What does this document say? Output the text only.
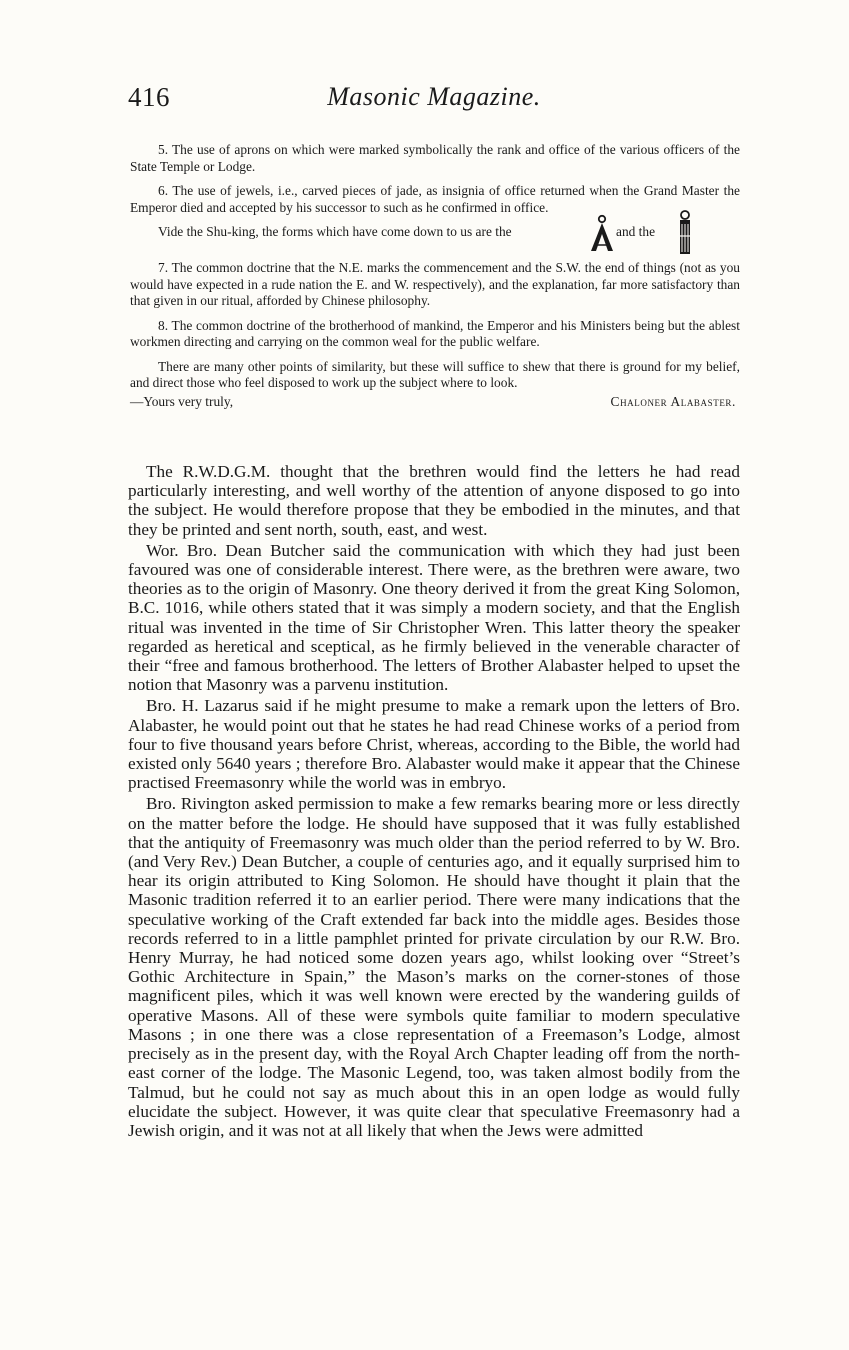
416	Masonic Magazine.

5. The use of aprons on which were marked symbolically the rank and office of the various officers of the State Temple or Lodge.

6. The use of jewels, i.e., carved pieces of jade, as insignia of office returned when the Grand Master the Emperor died and accepted by his successor to such as he confirmed in office.

Vide the Shu-king, the forms which have come down to us are the	and the

7. The common doctrine that the N.E. marks the commencement and the S.W. the end of things (not as you would have expected in a rude nation the E. and W. respectively), and the explanation, far more satisfactory than that given in our ritual, afforded by Chinese philosophy.

8. The common doctrine of the brotherhood of mankind, the Emperor and his Ministers being but the ablest workmen directing and carrying on the common weal for the public welfare.

There are many other points of similarity, but these will suffice to shew that there is ground for my belief, and direct those who feel disposed to work up the subject where to look.

—Yours very truly,	Chaloner Alabaster.

The R.W.D.G.M. thought that the brethren would find the letters he had read particularly interesting, and well worthy of the attention of anyone disposed to go into the subject. He would therefore propose that they be embodied in the minutes, and that they be printed and sent north, south, east, and west.

Wor. Bro. Dean Butcher said the communication with which they had just been favoured was one of considerable interest. There were, as the brethren were aware, two theories as to the origin of Masonry. One theory derived it from the great King Solomon, B.C. 1016, while others stated that it was simply a modern society, and that the English ritual was invented in the time of Sir Christopher Wren. This latter theory the speaker regarded as heretical and sceptical, as he firmly believed in the venerable character of their “free and famous brotherhood. The letters of Brother Alabaster helped to upset the notion that Masonry was a parvenu institution.

Bro. H. Lazarus said if he might presume to make a remark upon the letters of Bro. Alabaster, he would point out that he states he had read Chinese works of a period from four to five thousand years before Christ, whereas, according to the Bible, the world had existed only 5640 years ; therefore Bro. Alabaster would make it appear that the Chinese practised Freemasonry while the world was in embryo.

Bro. Rivington asked permission to make a few remarks bearing more or less directly on the matter before the lodge. He should have supposed that it was fully established that the antiquity of Freemasonry was much older than the period referred to by W. Bro. (and Very Rev.) Dean Butcher, a couple of centuries ago, and it equally surprised him to hear its origin attributed to King Solomon. He should have thought it plain that the Masonic tradition referred it to an earlier period. There were many indications that the speculative working of the Craft extended far back into the middle ages. Besides those records referred to in a little pamphlet printed for private circulation by our R.W. Bro. Henry Murray, he had noticed some dozen years ago, whilst looking over “Street’s Gothic Architecture in Spain,” the Mason’s marks on the corner-stones of those magnificent piles, which it was well known were erected by the wandering guilds of operative Masons. All of these were symbols quite familiar to modern speculative Masons ; in one there was a close representation of a Freemason’s Lodge, almost precisely as in the present day, with the Royal Arch Chapter leading off from the north-east corner of the lodge. The Masonic Legend, too, was taken almost bodily from the Talmud, but he could not say as much about this in an open lodge as would fully elucidate the subject. However, it was quite clear that speculative Freemasonry had a Jewish origin, and it was not at all likely that when the Jews were admitted
